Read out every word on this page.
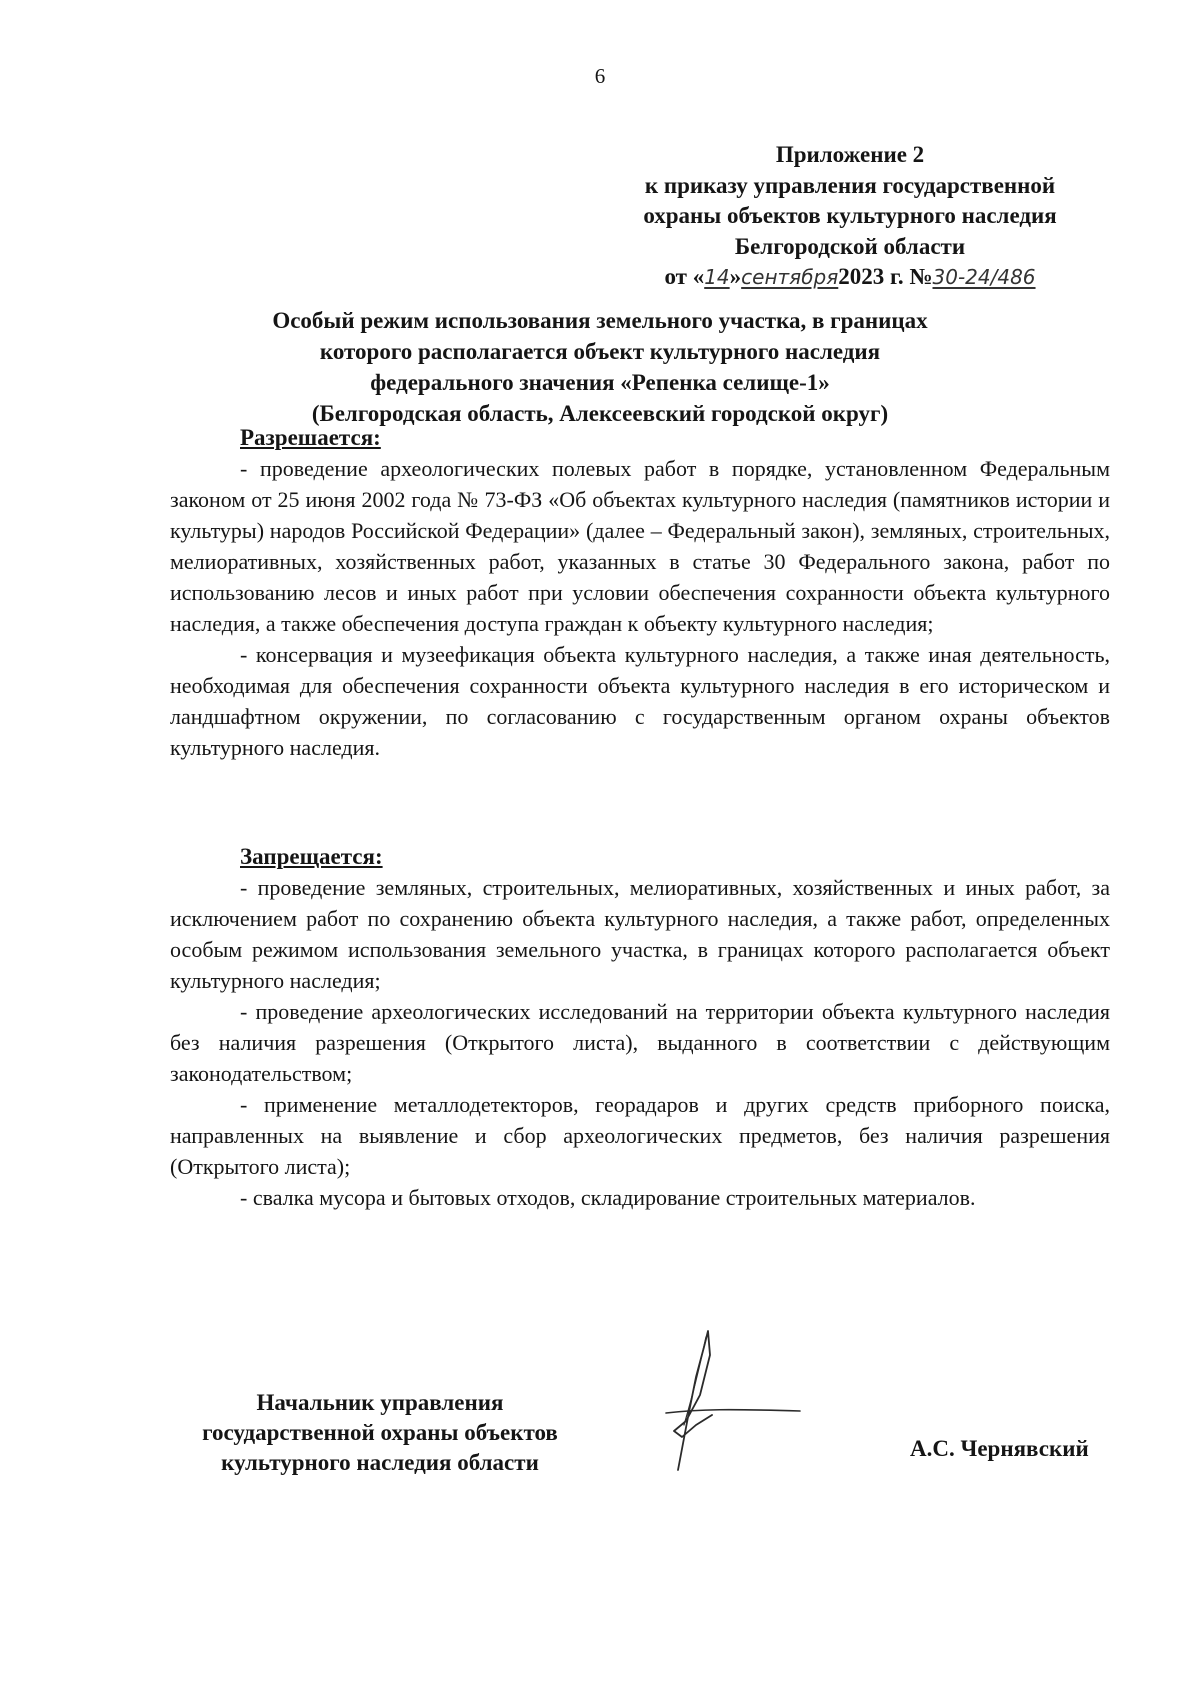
6
Приложение 2
к приказу управления государственной
охраны объектов культурного наследия
Белгородской области
от «14»сентября2023 г. №30-24/486
Особый режим использования земельного участка, в границах
которого располагается объект культурного наследия
федерального значения «Репенка селище-1»
(Белгородская область, Алексеевский городской округ)
Разрешается:

- проведение археологических полевых работ в порядке, установленном Федеральным законом от 25 июня 2002 года № 73-ФЗ «Об объектах культурного наследия (памятников истории и культуры) народов Российской Федерации» (далее – Федеральный закон), земляных, строительных, мелиоративных, хозяйственных работ, указанных в статье 30 Федерального закона, работ по использованию лесов и иных работ при условии обеспечения сохранности объекта культурного наследия, а также обеспечения доступа граждан к объекту культурного наследия;

- консервация и музеефикация объекта культурного наследия, а также иная деятельность, необходимая для обеспечения сохранности объекта культурного наследия в его историческом и ландшафтном окружении, по согласованию с государственным органом охраны объектов культурного наследия.

Запрещается:

- проведение земляных, строительных, мелиоративных, хозяйственных и иных работ, за исключением работ по сохранению объекта культурного наследия, а также работ, определенных особым режимом использования земельного участка, в границах которого располагается объект культурного наследия;

- проведение археологических исследований на территории объекта культурного наследия без наличия разрешения (Открытого листа), выданного в соответствии с действующим законодательством;

- применение металлодетекторов, георадаров и других средств приборного поиска, направленных на выявление и сбор археологических предметов, без наличия разрешения (Открытого листа);

- свалка мусора и бытовых отходов, складирование строительных материалов.

Начальник управления
государственной охраны объектов
культурного наследия области
А.С. Чернявский
